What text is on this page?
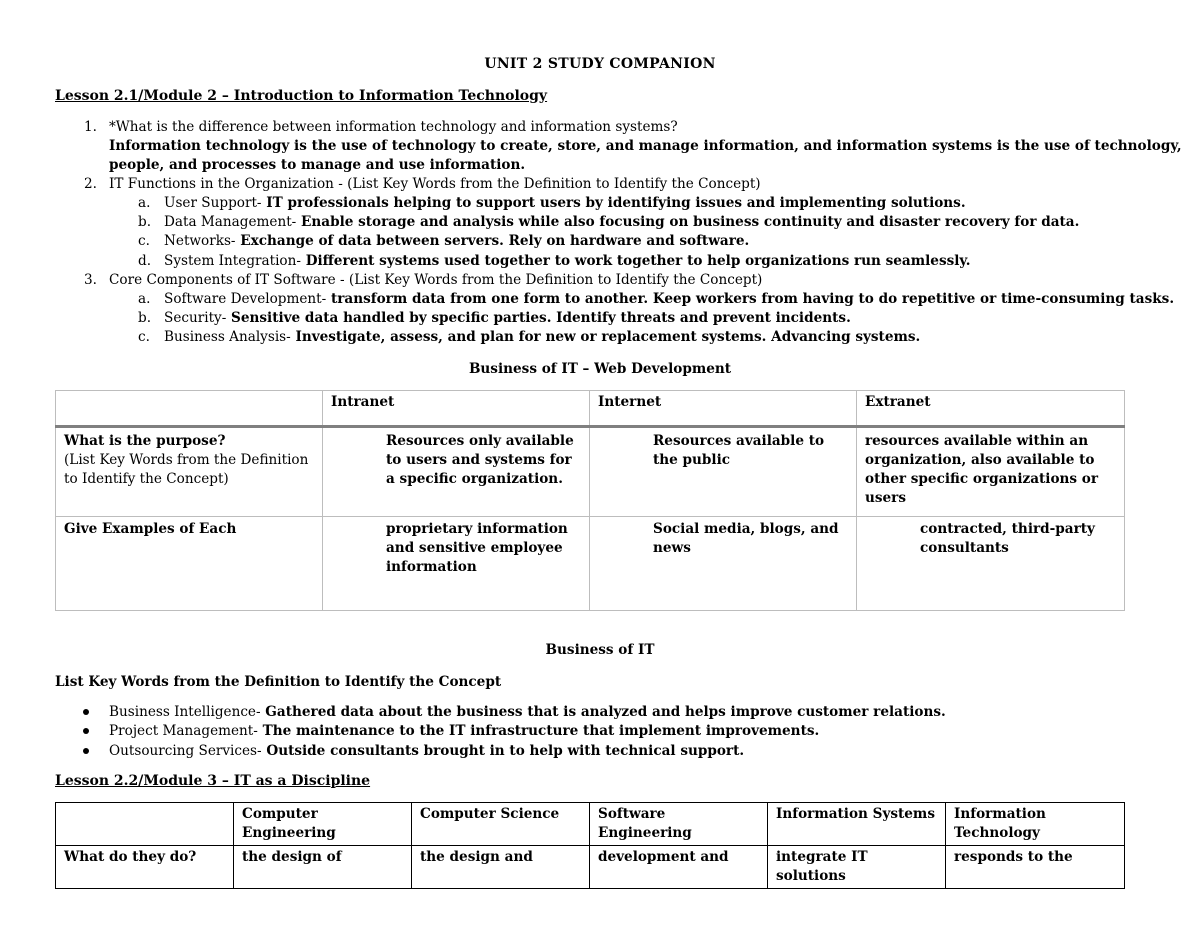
UNIT 2 STUDY COMPANION
Lesson 2.1/Module 2 – Introduction to Information Technology
1. *What is the difference between information technology and information systems?
Information technology is the use of technology to create, store, and manage information, and information systems is the use of technology,
people, and processes to manage and use information.
2. IT Functions in the Organization - (List Key Words from the Definition to Identify the Concept)
a. User Support- IT professionals helping to support users by identifying issues and implementing solutions.
b. Data Management- Enable storage and analysis while also focusing on business continuity and disaster recovery for data.
c. Networks- Exchange of data between servers. Rely on hardware and software.
d. System Integration- Different systems used together to work together to help organizations run seamlessly.
3. Core Components of IT Software - (List Key Words from the Definition to Identify the Concept)
a. Software Development- transform data from one form to another. Keep workers from having to do repetitive or time-consuming tasks.
b. Security- Sensitive data handled by specific parties. Identify threats and prevent incidents.
c. Business Analysis- Investigate, assess, and plan for new or replacement systems. Advancing systems.
Business of IT – Web Development
	Intranet	Internet	Extranet

What is the purpose?
(List Key Words from the Definition
to Identify the Concept)	Resources only available to users and systems for a specific organization.	Resources available to the public	resources available within an organization, also available to other specific organizations or users
Give Examples of Each	proprietary information and sensitive employee information	Social media, blogs, and news	contracted, third-party consultants
Business of IT
List Key Words from the Definition to Identify the Concept
Business Intelligence- Gathered data about the business that is analyzed and helps improve customer relations.
Project Management- The maintenance to the IT infrastructure that implement improvements.
Outsourcing Services- Outside consultants brought in to help with technical support.
Lesson 2.2/Module 3 – IT as a Discipline
	Computer Engineering	Computer Science	Software Engineering	Information Systems	Information Technology
What do they do?	the design of	the design and	development and	integrate IT solutions	responds to the
